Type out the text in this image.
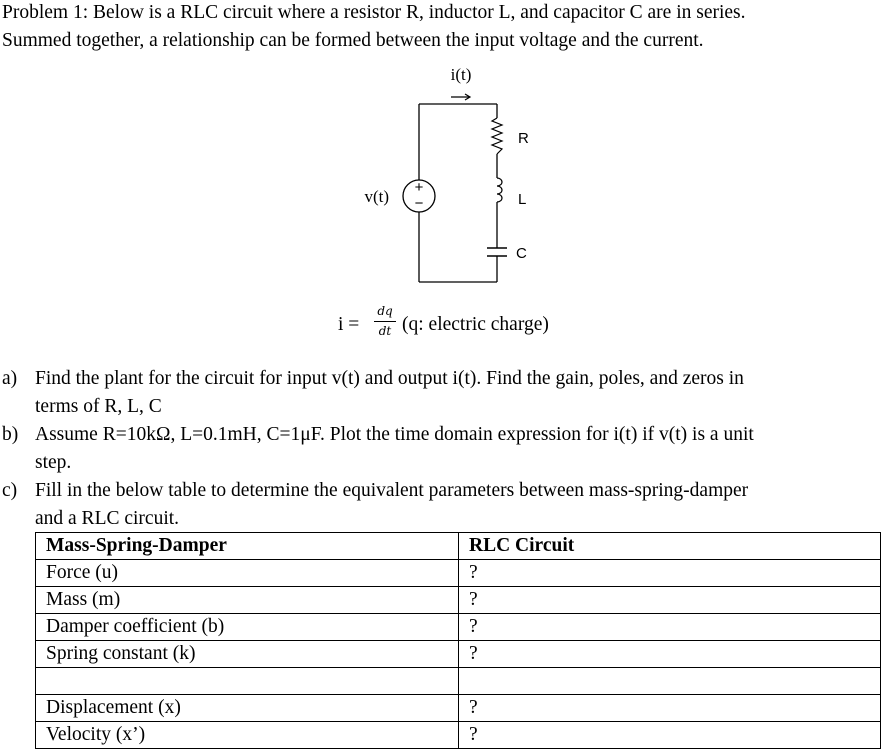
Problem 1: Below is a RLC circuit where a resistor R, inductor L, and capacitor C are in series.
Summed together, a relationship can be formed between the input voltage and the current.
i(t)
+
−
v(t)
R
L
C
i =
dq
dt (q: electric charge)
a) Find the plant for the circuit for input v(t) and output i(t). Find the gain, poles, and zeros in
terms of R, L, C
b) Assume R=10kΩ, L=0.1mH, C=1μF. Plot the time domain expression for i(t) if v(t) is a unit
step.
c) Fill in the below table to determine the equivalent parameters between mass-spring-damper
and a RLC circuit.
Mass-Spring-Damper	RLC Circuit
Force (u)	?
Mass (m)	?
Damper coefficient (b)	?
Spring constant (k)	?

Displacement (x)	?
Velocity (x’)	?
